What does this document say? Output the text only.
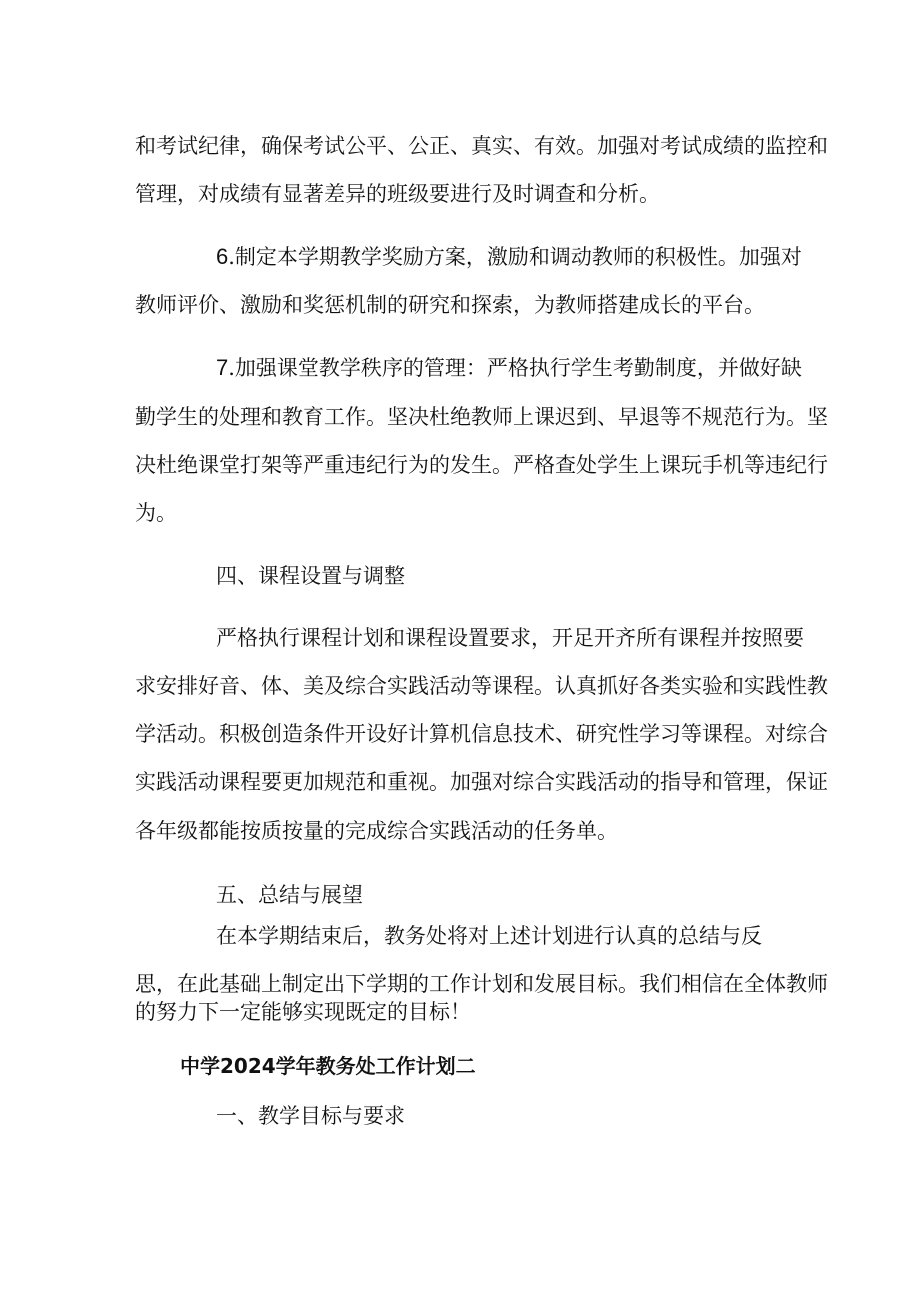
和考试纪律，确保考试公平、公正、真实、有效。加强对考试成绩的监控和
管理，对成绩有显著差异的班级要进行及时调查和分析。
6.制定本学期教学奖励方案，激励和调动教师的积极性。加强对
教师评价、激励和奖惩机制的研究和探索，为教师搭建成长的平台。
7.加强课堂教学秩序的管理：严格执行学生考勤制度，并做好缺
勤学生的处理和教育工作。坚决杜绝教师上课迟到、早退等不规范行为。坚
决杜绝课堂打架等严重违纪行为的发生。严格查处学生上课玩手机等违纪行
为。
四、课程设置与调整
严格执行课程计划和课程设置要求，开足开齐所有课程并按照要
求安排好音、体、美及综合实践活动等课程。认真抓好各类实验和实践性教
学活动。积极创造条件开设好计算机信息技术、研究性学习等课程。对综合
实践活动课程要更加规范和重视。加强对综合实践活动的指导和管理，保证
各年级都能按质按量的完成综合实践活动的任务单。
五、总结与展望
在本学期结束后，教务处将对上述计划进行认真的总结与反
思，在此基础上制定出下学期的工作计划和发展目标。我们相信在全体教师
的努力下一定能够实现既定的目标！
中学2024学年教务处工作计划二
一、教学目标与要求
